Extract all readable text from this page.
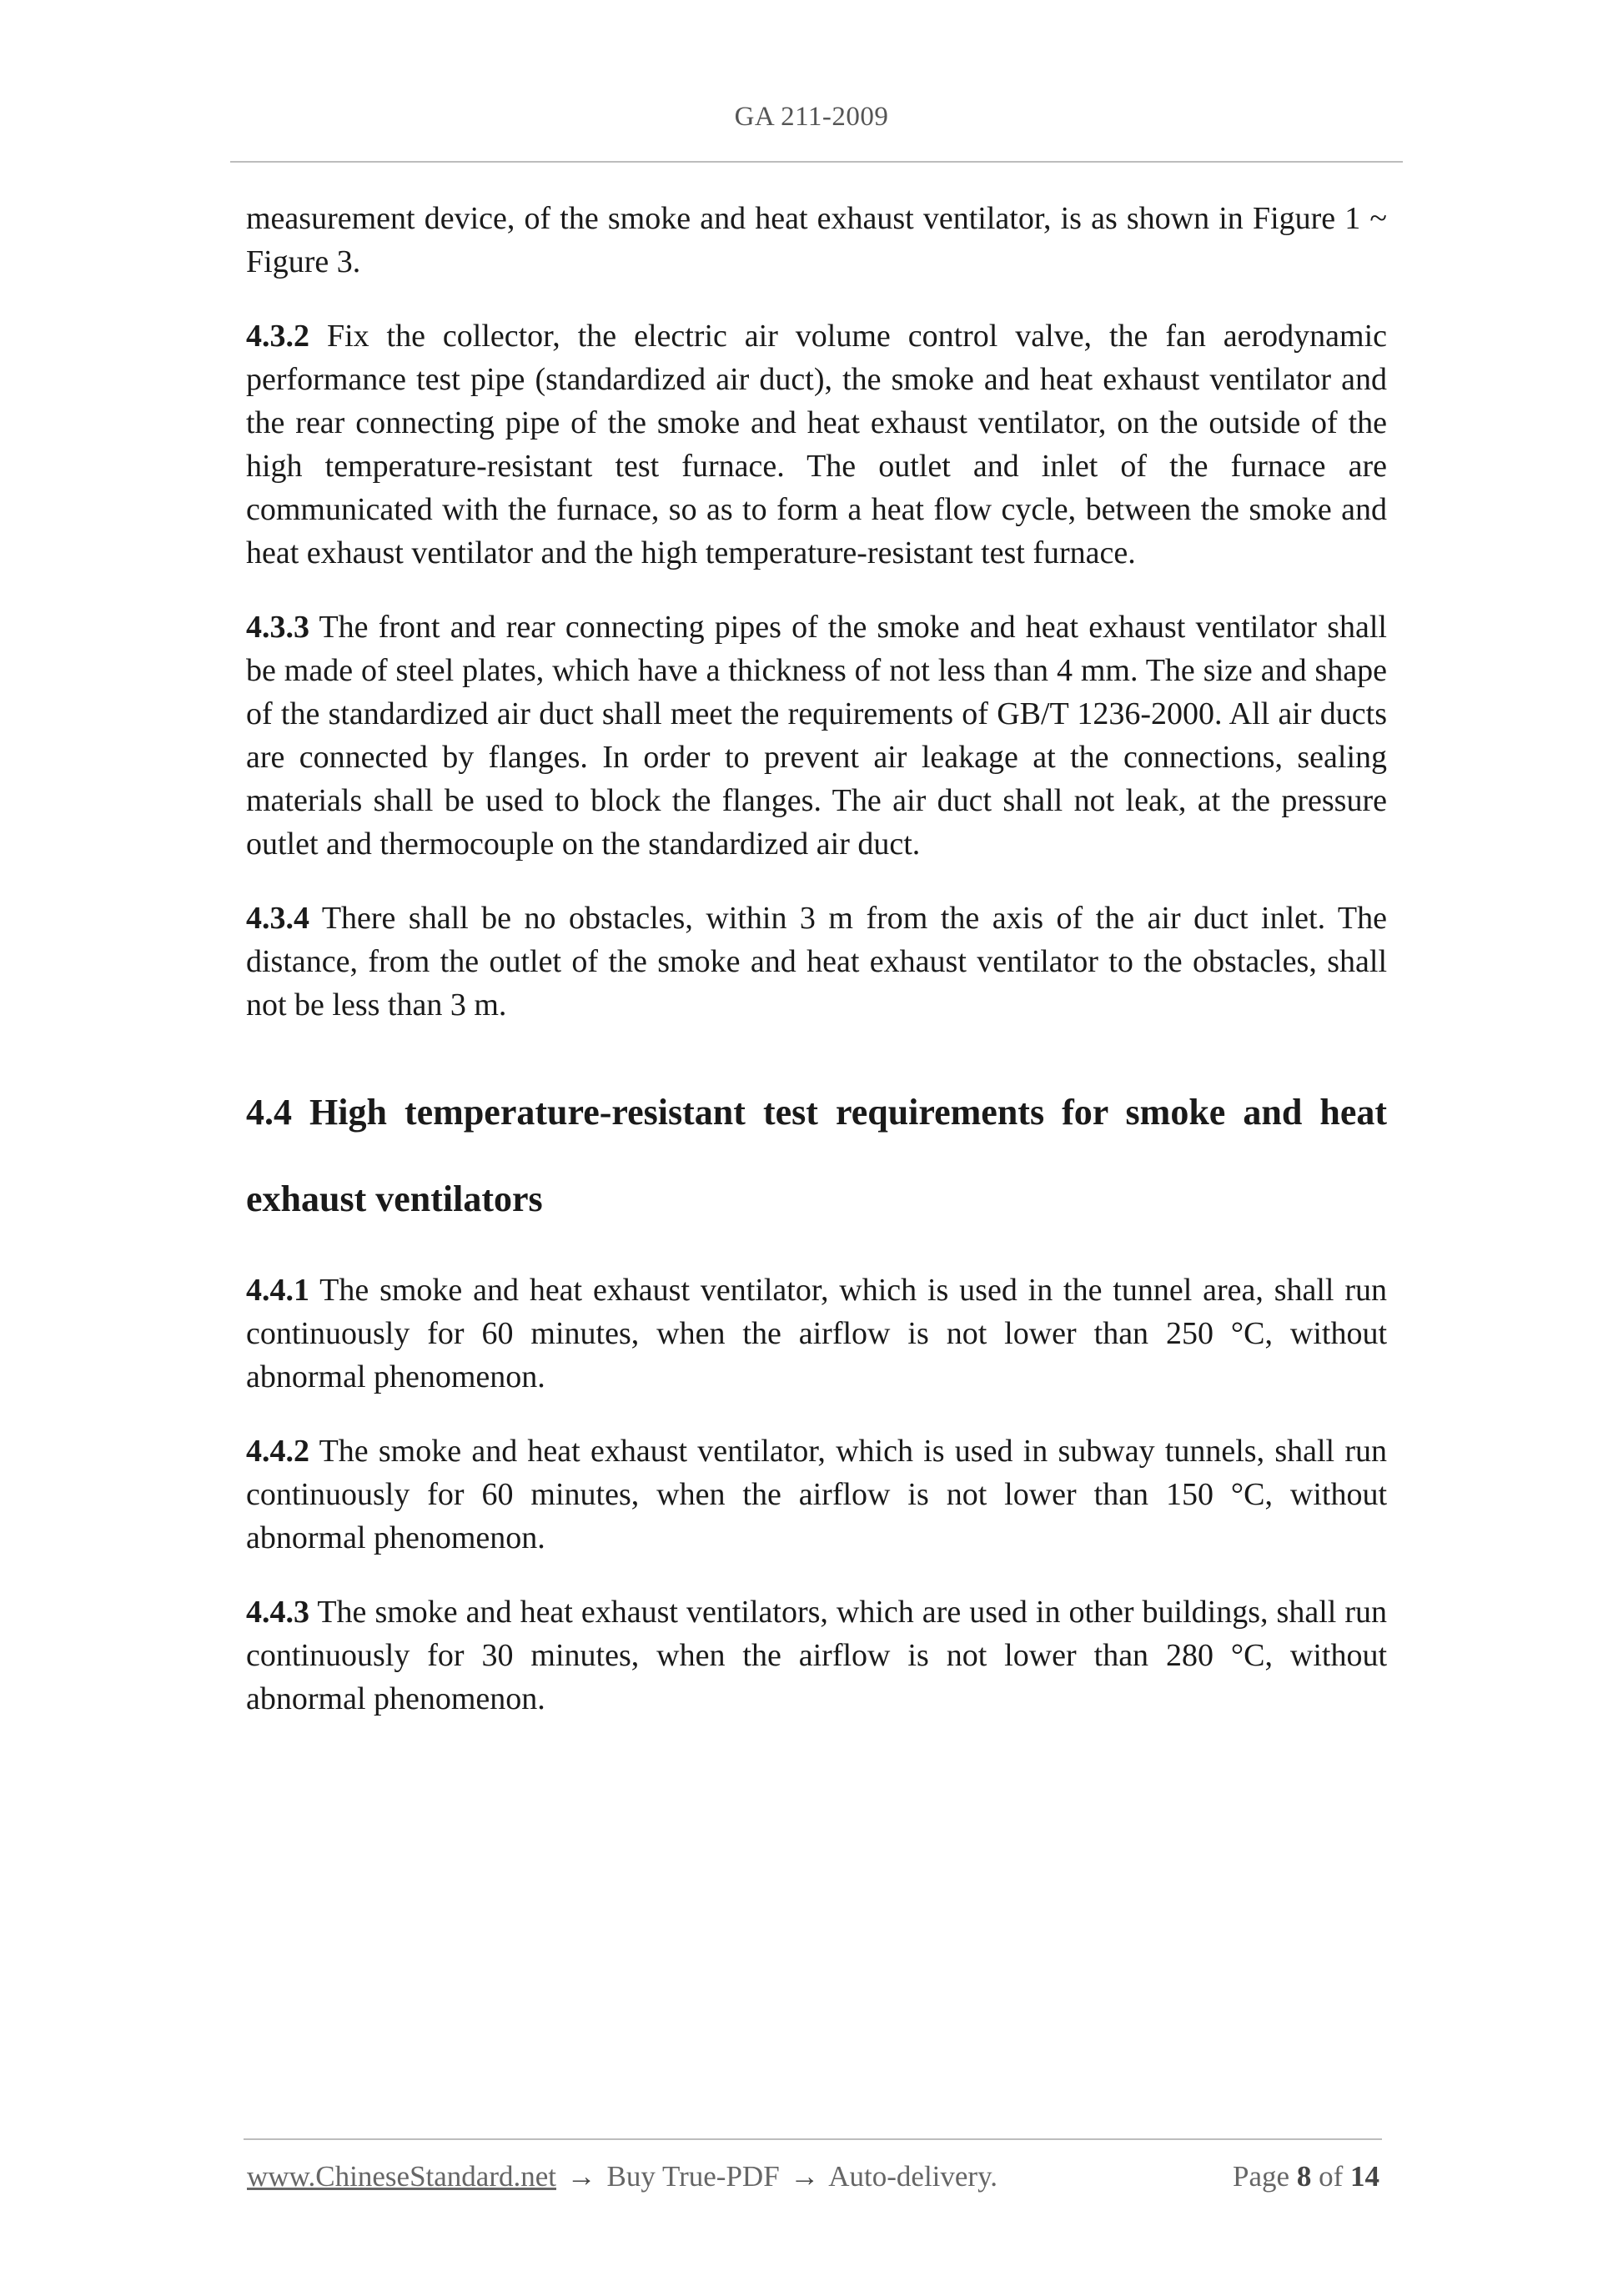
GA 211-2009

measurement device, of the smoke and heat exhaust ventilator, is as shown in Figure 1 ~ Figure 3.

4.3.2 Fix the collector, the electric air volume control valve, the fan aerodynamic performance test pipe (standardized air duct), the smoke and heat exhaust ventilator and the rear connecting pipe of the smoke and heat exhaust ventilator, on the outside of the high temperature-resistant test furnace. The outlet and inlet of the furnace are communicated with the furnace, so as to form a heat flow cycle, between the smoke and heat exhaust ventilator and the high temperature-resistant test furnace.

4.3.3 The front and rear connecting pipes of the smoke and heat exhaust ventilator shall be made of steel plates, which have a thickness of not less than 4 mm. The size and shape of the standardized air duct shall meet the requirements of GB/T 1236-2000. All air ducts are connected by flanges. In order to prevent air leakage at the connections, sealing materials shall be used to block the flanges. The air duct shall not leak, at the pressure outlet and thermocouple on the standardized air duct.

4.3.4 There shall be no obstacles, within 3 m from the axis of the air duct inlet. The distance, from the outlet of the smoke and heat exhaust ventilator to the obstacles, shall not be less than 3 m.

4.4 High temperature-resistant test requirements for smoke and heat exhaust ventilators

4.4.1 The smoke and heat exhaust ventilator, which is used in the tunnel area, shall run continuously for 60 minutes, when the airflow is not lower than 250 °C, without abnormal phenomenon.

4.4.2 The smoke and heat exhaust ventilator, which is used in subway tunnels, shall run continuously for 60 minutes, when the airflow is not lower than 150 °C, without abnormal phenomenon.

4.4.3 The smoke and heat exhaust ventilators, which are used in other buildings, shall run continuously for 30 minutes, when the airflow is not lower than 280 °C, without abnormal phenomenon.

www.ChineseStandard.net → Buy True-PDF → Auto-delivery.	Page 8 of 14
